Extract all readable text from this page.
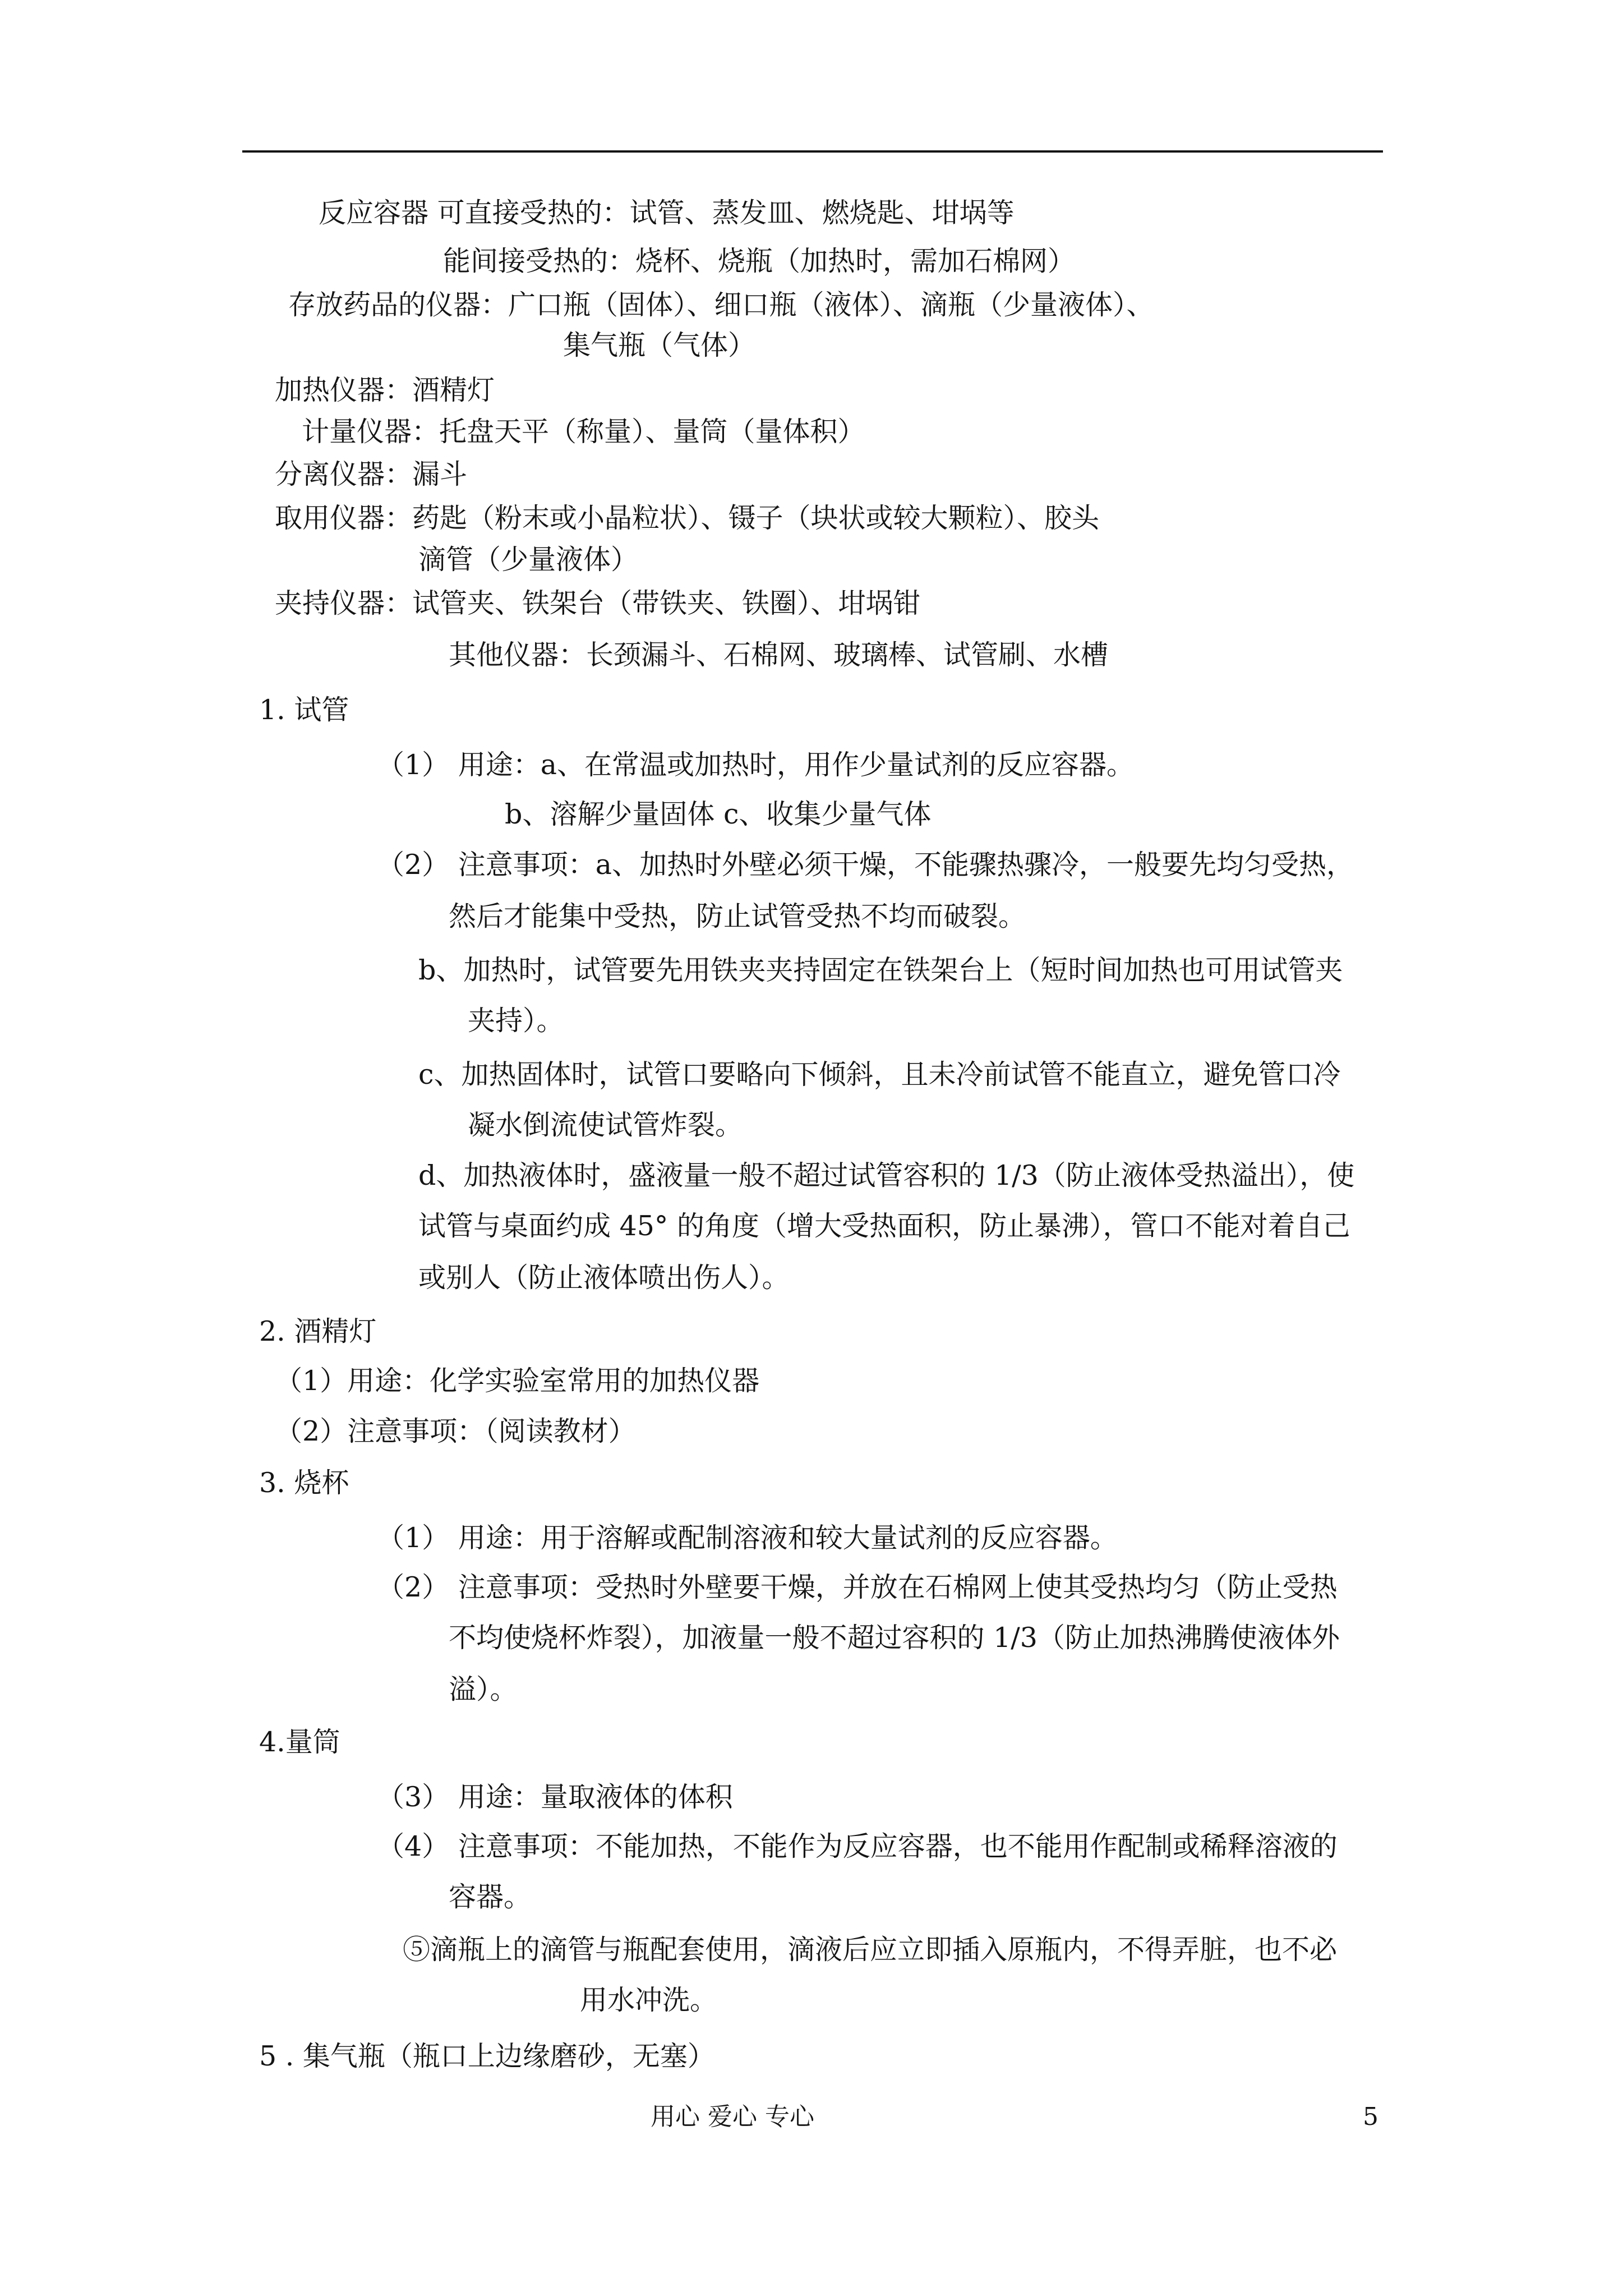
反应容器 可直接受热的：试管、蒸发皿、燃烧匙、坩埚等
能间接受热的：烧杯、烧瓶（加热时，需加石棉网）
存放药品的仪器：广口瓶（固体）、细口瓶（液体）、滴瓶（少量液体）、
集气瓶（气体）
加热仪器：酒精灯
计量仪器：托盘天平（称量）、量筒（量体积）
分离仪器：漏斗
取用仪器：药匙（粉末或小晶粒状）、镊子（块状或较大颗粒）、胶头
滴管（少量液体）
夹持仪器：试管夹、铁架台（带铁夹、铁圈）、坩埚钳
其他仪器：长颈漏斗、石棉网、玻璃棒、试管刷、水槽
1. 试管
（1） 用途：a、在常温或加热时，用作少量试剂的反应容器。
b、溶解少量固体 c、收集少量气体
（2） 注意事项：a、加热时外壁必须干燥，不能骤热骤冷，一般要先均匀受热，
然后才能集中受热，防止试管受热不均而破裂。
b、加热时，试管要先用铁夹夹持固定在铁架台上（短时间加热也可用试管夹
夹持）。
c、加热固体时，试管口要略向下倾斜，且未冷前试管不能直立，避免管口冷
凝水倒流使试管炸裂。
d、加热液体时，盛液量一般不超过试管容积的 1/3（防止液体受热溢出），使
试管与桌面约成 45° 的角度（增大受热面积，防止暴沸），管口不能对着自己
或别人（防止液体喷出伤人）。
2. 酒精灯
（1）用途：化学实验室常用的加热仪器
（2）注意事项：（阅读教材）
3. 烧杯
（1） 用途：用于溶解或配制溶液和较大量试剂的反应容器。
（2） 注意事项：受热时外壁要干燥，并放在石棉网上使其受热均匀（防止受热
不均使烧杯炸裂），加液量一般不超过容积的 1/3（防止加热沸腾使液体外
溢）。
4.量筒
（3） 用途：量取液体的体积
（4） 注意事项：不能加热，不能作为反应容器，也不能用作配制或稀释溶液的
容器。
⑤滴瓶上的滴管与瓶配套使用，滴液后应立即插入原瓶内，不得弄脏，也不必
用水冲洗。
5 . 集气瓶（瓶口上边缘磨砂，无塞）
用心 爱心 专心	5
